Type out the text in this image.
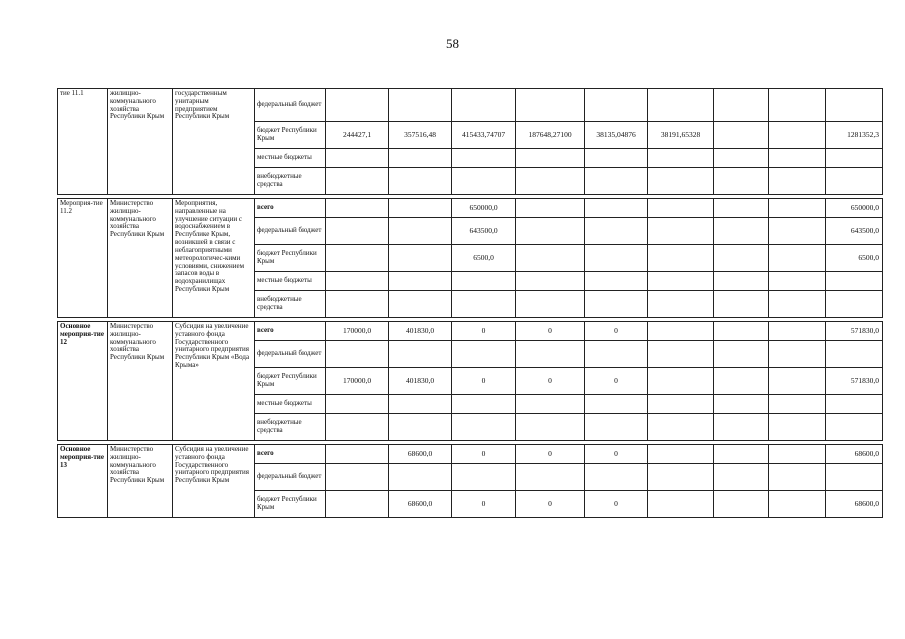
58
тие 11.1	жилищно-коммунального хозяйства Республики Крым	государственным унитарным предприятием Республики Крым	федеральный бюджет									
			бюджет Республики Крым	244427,1	357516,48	415433,74707	187648,27100	38135,04876	38191,65328			1281352,3
			местные бюджеты									
			внебюджетные средства									

Мероприя-тие 11.2	Министерство жилищно-коммунального хозяйства Республики Крым	Мероприятия, направленные на улучшение ситуации с водоснабжением в Республике Крым, возникшей в связи с неблагоприятными метеорологичес-кими условиями, снижением запасов воды в водохранилищах Республики Крым	всего			650000,0						650000,0
			федеральный бюджет			643500,0						643500,0
			бюджет Республики Крым			6500,0						6500,0
			местные бюджеты									
			внебюджетные средства									

Основное мероприя-тие 12	Министерство жилищно-коммунального хозяйства Республики Крым	Субсидия на увеличение уставного фонда Государственного унитарного предприятия Республики Крым «Вода Крыма»	всего	170000,0	401830,0	0	0	0				571830,0
			федеральный бюджет									
			бюджет Республики Крым	170000,0	401830,0	0	0	0				571830,0
			местные бюджеты									
			внебюджетные средства									

Основное мероприя-тие 13	Министерство жилищно-коммунального хозяйства Республики Крым	Субсидия на увеличение уставного фонда Государственного унитарного предприятия Республики Крым	всего		68600,0	0	0	0				68600,0
			федеральный бюджет									
			бюджет Республики Крым		68600,0	0	0	0				68600,0
